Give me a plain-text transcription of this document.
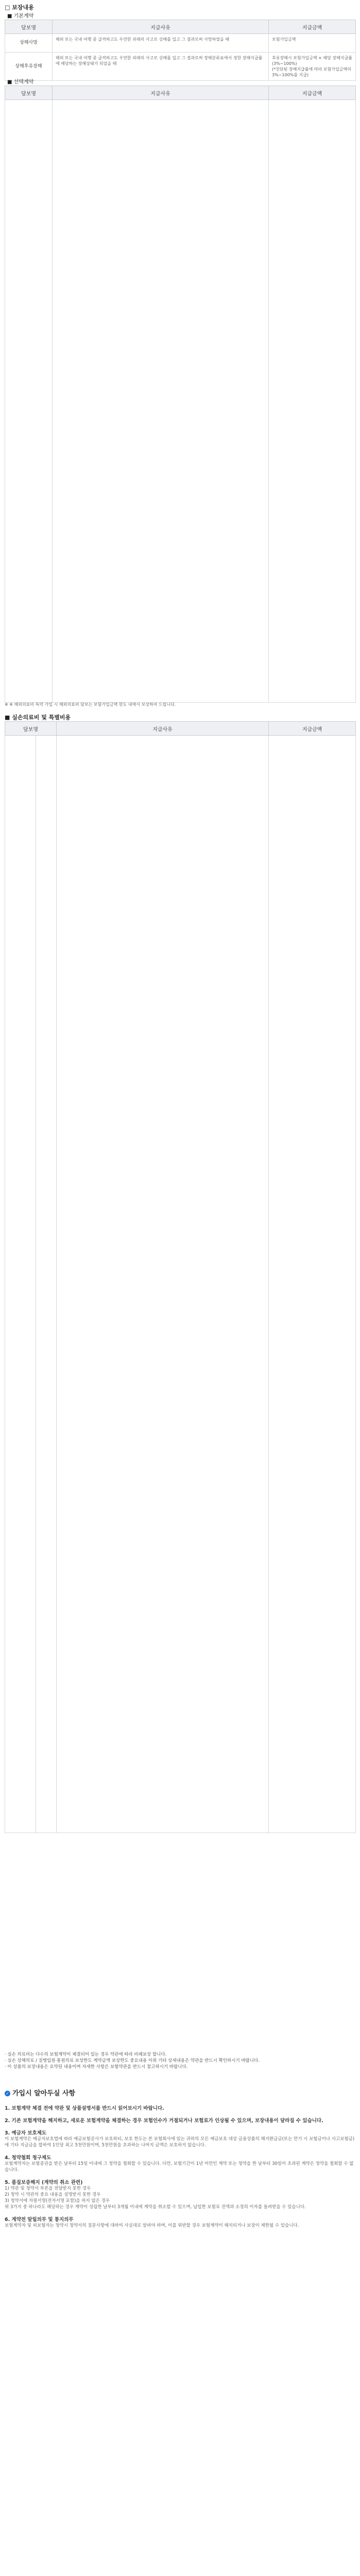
□ 보장내용
■ 기본계약
담보명	지급사유	지급금액
상해사망	해외 또는 국내 여행 중 급격하고도 우연한 외래의 사고로 상해를 입고 그 결과로써 사망하였을 때	보험가입금액
상해후유장해	해외 또는 국내 여행 중 급격하고도 우연한 외래의 사고로 상해를 입고 그 결과로써 장해분류표에서 정한 장해지급률에 해당하는 장해상태가 되었을 때	후유장해시 보험가입금액 × 해당 장해지급률 (3%~100%)
(*진단된 장해지급률에 따라 보험가입금액의 3%~100%를 지급)
■ 선택계약
담보명	지급사유	지급금액

※ ※ 해외의료비 특약 가입 시 해외의료비 담보는 보험가입금액 한도 내에서 보상하여 드립니다.
■ 실손의료비 및 특별비용
담보명		지급사유	지급금액

· 실손 의료비는 다수의 보험계약이 체결되어 있는 경우 약관에 따라 비례보상 합니다.
· 실손 상해의료 / 질병입원·통원의료 보상한도 계약금액 보상한도 중요내용 이외 기타 상세내용은 약관을 반드시 확인하시기 바랍니다.
· 이 상품의 보장내용은 요약된 내용이며 자세한 사항은 보험약관을 반드시 참고하시기 바랍니다.
✓ 가입시 알아두실 사항
1. 보험계약 체결 전에 약관 및 상품설명서를 반드시 읽어보시기 바랍니다.
2. 기존 보험계약을 해지하고, 새로운 보험계약을 체결하는 경우 보험인수가 거절되거나 보험료가 인상될 수 있으며, 보장내용이 달라질 수 있습니다.
3. 예금자 보호제도
이 보험계약은 예금자보호법에 따라 예금보험공사가 보호하되, 보호 한도는 본 보험회사에 있는 귀하의 모든 예금보호 대상 금융상품의 해지환급금(또는 만기 시 보험금이나 사고보험금)에 기타 지급금을 합하여 1인당 최고 5천만원이며, 5천만원을 초과하는 나머지 금액은 보호하지 않습니다.
4. 청약철회 청구제도
보험계약자는 보험증권을 받은 날부터 15일 이내에 그 청약을 철회할 수 있습니다. 다만, 보험기간이 1년 미만인 계약 또는 청약을 한 날부터 30일이 초과된 계약은 청약을 철회할 수 없습니다.
5. 품질보증해지 (계약의 취소 관련)
1) 약관 및 청약서 부본을 전달받지 못한 경우
2) 청약 시 약관의 중요 내용을 설명받지 못한 경우
3) 청약서에 자필서명(전자서명 포함)을 하지 않은 경우
위 3가지 중 하나라도 해당하는 경우 계약이 성립한 날부터 3개월 이내에 계약을 취소할 수 있으며, 납입한 보험료 전액과 소정의 이자를 돌려받을 수 있습니다.
6. 계약전 알릴의무 및 통지의무
보험계약자 및 피보험자는 청약시 청약서의 질문사항에 대하여 사실대로 알려야 하며, 이를 위반할 경우 보험계약이 해지되거나 보장이 제한될 수 있습니다.
